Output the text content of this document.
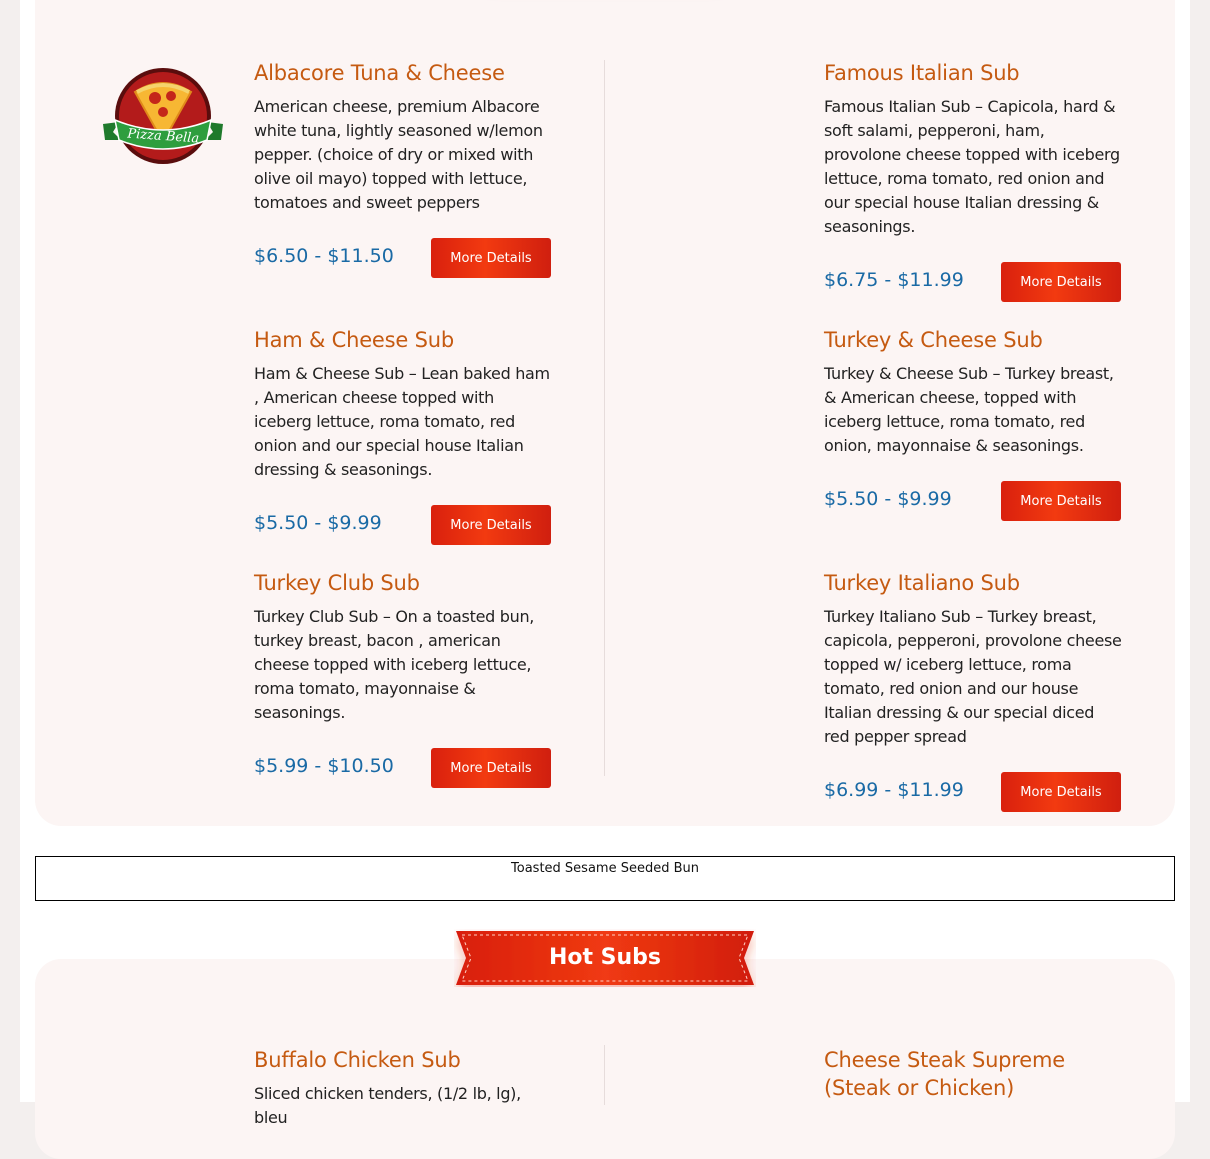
Pizza Bella
Albacore Tuna & Cheese

American cheese, premium Albacore white tuna, lightly seasoned w/lemon pepper. (choice of dry or mixed with olive oil mayo) topped with lettuce, tomatoes and sweet peppers

$6.50 - $11.50	More Details
Famous Italian Sub

Famous Italian Sub – Capicola, hard & soft salami, pepperoni, ham, provolone cheese topped with iceberg lettuce, roma tomato, red onion and our special house Italian dressing & seasonings.

$6.75 - $11.99	More Details
Ham & Cheese Sub

Ham & Cheese Sub – Lean baked ham , American cheese topped with iceberg lettuce, roma tomato, red onion and our special house Italian dressing & seasonings.

$5.50 - $9.99	More Details
Turkey & Cheese Sub

Turkey & Cheese Sub – Turkey breast, & American cheese, topped with iceberg lettuce, roma tomato, red onion, mayonnaise & seasonings.

$5.50 - $9.99	More Details
Turkey Club Sub

Turkey Club Sub – On a toasted bun, turkey breast, bacon , american cheese topped with iceberg lettuce, roma tomato, mayonnaise & seasonings.

$5.99 - $10.50	More Details
Turkey Italiano Sub

Turkey Italiano Sub – Turkey breast, capicola, pepperoni, provolone cheese topped w/ iceberg lettuce, roma tomato, red onion and our house Italian dressing & our special diced red pepper spread

$6.99 - $11.99	More Details
Toasted Sesame Seeded Bun
Hot Subs
Buffalo Chicken Sub

Sliced chicken tenders, (1/2 lb, lg), bleu

Cheese Steak Supreme (Steak or Chicken)
